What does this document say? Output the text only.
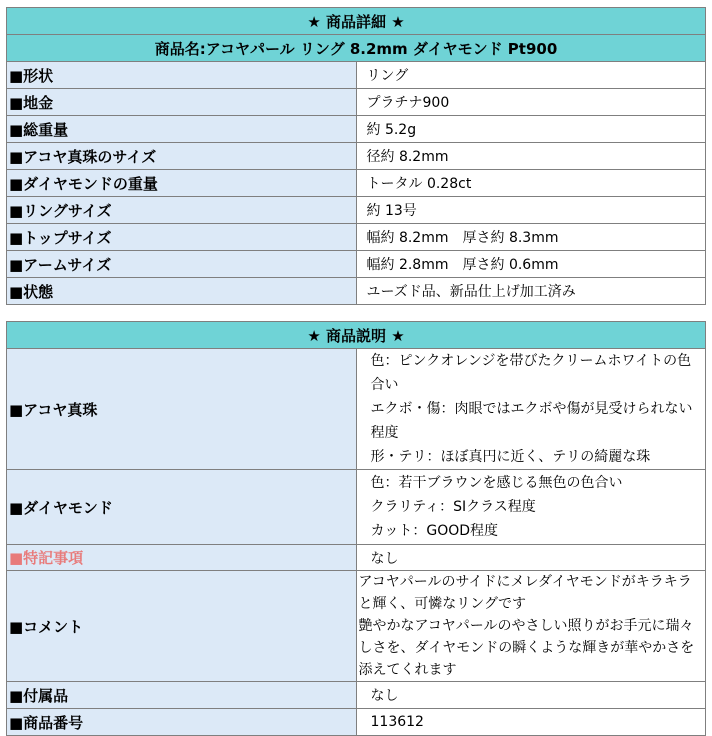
★ 商品詳細 ★	
商品名:アコヤパール リング 8.2mm ダイヤモンド Pt900	
■形状	リング
■地金	プラチナ900
■総重量	約 5.2g
■アコヤ真珠のサイズ	径約 8.2mm
■ダイヤモンドの重量	トータル 0.28ct
■リングサイズ	約 13号
■トップサイズ	幅約 8.2mm　厚さ約 8.3mm
■アームサイズ	幅約 2.8mm　厚さ約 0.6mm
■状態	ユーズド品、新品仕上げ加工済み
★ 商品説明 ★	
■アコヤ真珠	色：ピンクオレンジを帯びたクリームホワイトの色合い
エクボ・傷：肉眼ではエクボや傷が見受けられない程度
形・テリ：ほぼ真円に近く、テリの綺麗な珠

■ダイヤモンド	色：若干ブラウンを感じる無色の色合い
クラリティ：SIクラス程度
カット：GOOD程度

■特記事項	なし
■コメント	アコヤパールのサイドにメレダイヤモンドがキラキラと輝く、可憐なリングです
艶やかなアコヤパールのやさしい照りがお手元に瑞々しさを、ダイヤモンドの瞬くような輝きが華やかさを添えてくれます

■付属品	なし
■商品番号	113612
